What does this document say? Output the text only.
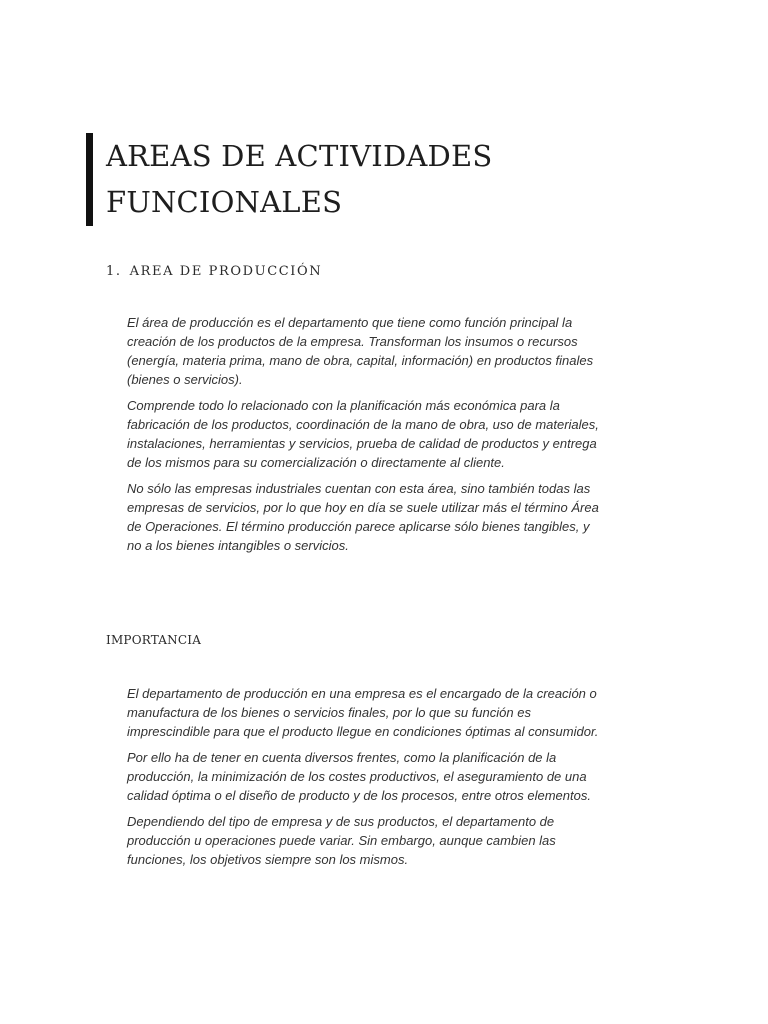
AREAS DE ACTIVIDADES
FUNCIONALES
1. AREA DE PRODUCCIÓN

El área de producción es el departamento que tiene como función principal la creación de los productos de la empresa. Transforman los insumos o recursos (energía, materia prima, mano de obra, capital, información) en productos finales (bienes o servicios).

Comprende todo lo relacionado con la planificación más económica para la fabricación de los productos, coordinación de la mano de obra, uso de materiales, instalaciones, herramientas y servicios, prueba de calidad de productos y entrega de los mismos para su comercialización o directamente al cliente.

No sólo las empresas industriales cuentan con esta área, sino también todas las empresas de servicios, por lo que hoy en día se suele utilizar más el término Área de Operaciones. El término producción parece aplicarse sólo bienes tangibles, y no a los bienes intangibles o servicios.

IMPORTANCIA

El departamento de producción en una empresa es el encargado de la creación o manufactura de los bienes o servicios finales, por lo que su función es imprescindible para que el producto llegue en condiciones óptimas al consumidor.

Por ello ha de tener en cuenta diversos frentes, como la planificación de la producción, la minimización de los costes productivos, el aseguramiento de una calidad óptima o el diseño de producto y de los procesos, entre otros elementos.

Dependiendo del tipo de empresa y de sus productos, el departamento de producción u operaciones puede variar. Sin embargo, aunque cambien las funciones, los objetivos siempre son los mismos.
